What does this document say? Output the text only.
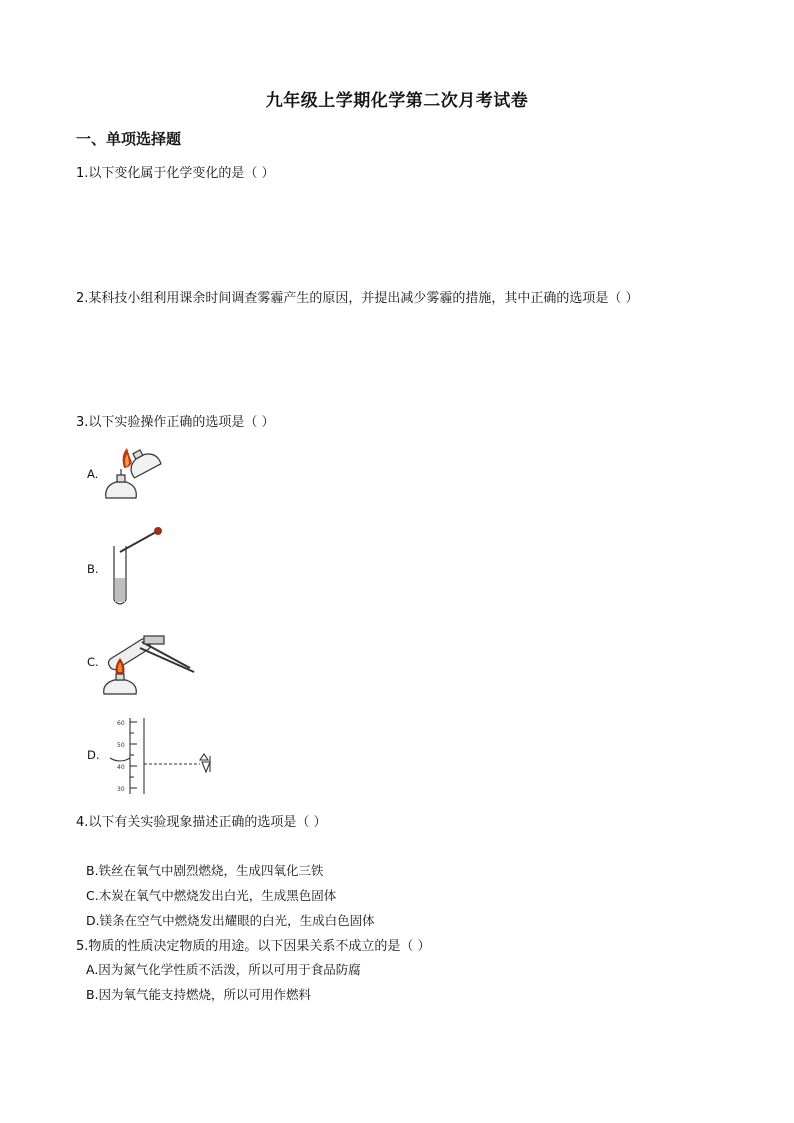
九年级上学期化学第二次月考试卷
一、单项选择题
1.以下变化属于化学变化的是（ ）
2.某科技小组利用课余时间调查雾霾产生的原因，并提出减少雾霾的措施，其中正确的选项是（ ）
3.以下实验操作正确的选项是（ ）
A.
B.
C.
D.
60
50
40
30
4.以下有关实验现象描述正确的选项是（ ）
B.铁丝在氧气中剧烈燃烧，生成四氧化三铁
C.木炭在氧气中燃烧发出白光，生成黑色固体
D.镁条在空气中燃烧发出耀眼的白光，生成白色固体
5.物质的性质决定物质的用途。以下因果关系不成立的是（ ）
A.因为氮气化学性质不活泼，所以可用于食品防腐
B.因为氧气能支持燃烧，所以可用作燃料
